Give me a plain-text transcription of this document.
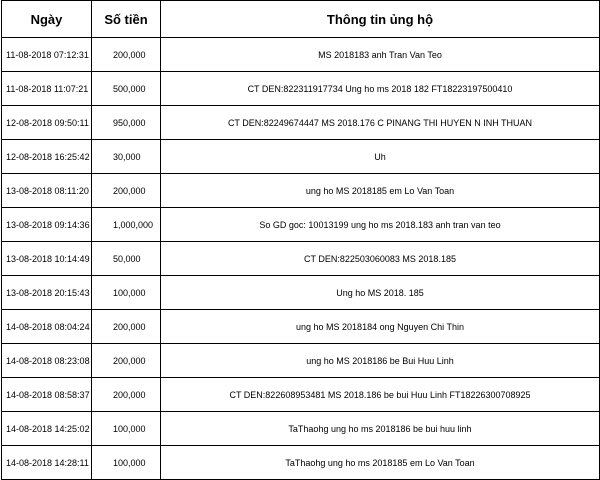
Ngày	Số tiền	Thông tin ủng hộ
11-08-2018 07:12:31	200,000	MS 2018183 anh Tran Van Teo
11-08-2018 11:07:21	500,000	CT DEN:822311917734 Ung ho ms 2018 182 FT18223197500410
12-08-2018 09:50:11	950,000	CT DEN:82249674447 MS 2018.176 C PINANG THI HUYEN N INH THUAN
12-08-2018 16:25:42	30,000	Uh
13-08-2018 08:11:20	200,000	ung ho MS 2018185 em Lo Van Toan
13-08-2018 09:14:36	1,000,000	So GD goc: 10013199 ung ho ms 2018.183 anh tran van teo
13-08-2018 10:14:49	50,000	CT DEN:822503060083 MS 2018.185
13-08-2018 20:15:43	100,000	Ung ho MS 2018. 185
14-08-2018 08:04:24	200,000	ung ho MS 2018184 ong Nguyen Chi Thin
14-08-2018 08:23:08	200,000	ung ho MS 2018186 be Bui Huu Linh
14-08-2018 08:58:37	200,000	CT DEN:822608953481 MS 2018.186 be bui Huu Linh FT18226300708925
14-08-2018 14:25:02	100,000	TaThaohg ung ho ms 2018186 be bui huu linh
14-08-2018 14:28:11	100,000	TaThaohg ung ho ms 2018185 em Lo Van Toan
